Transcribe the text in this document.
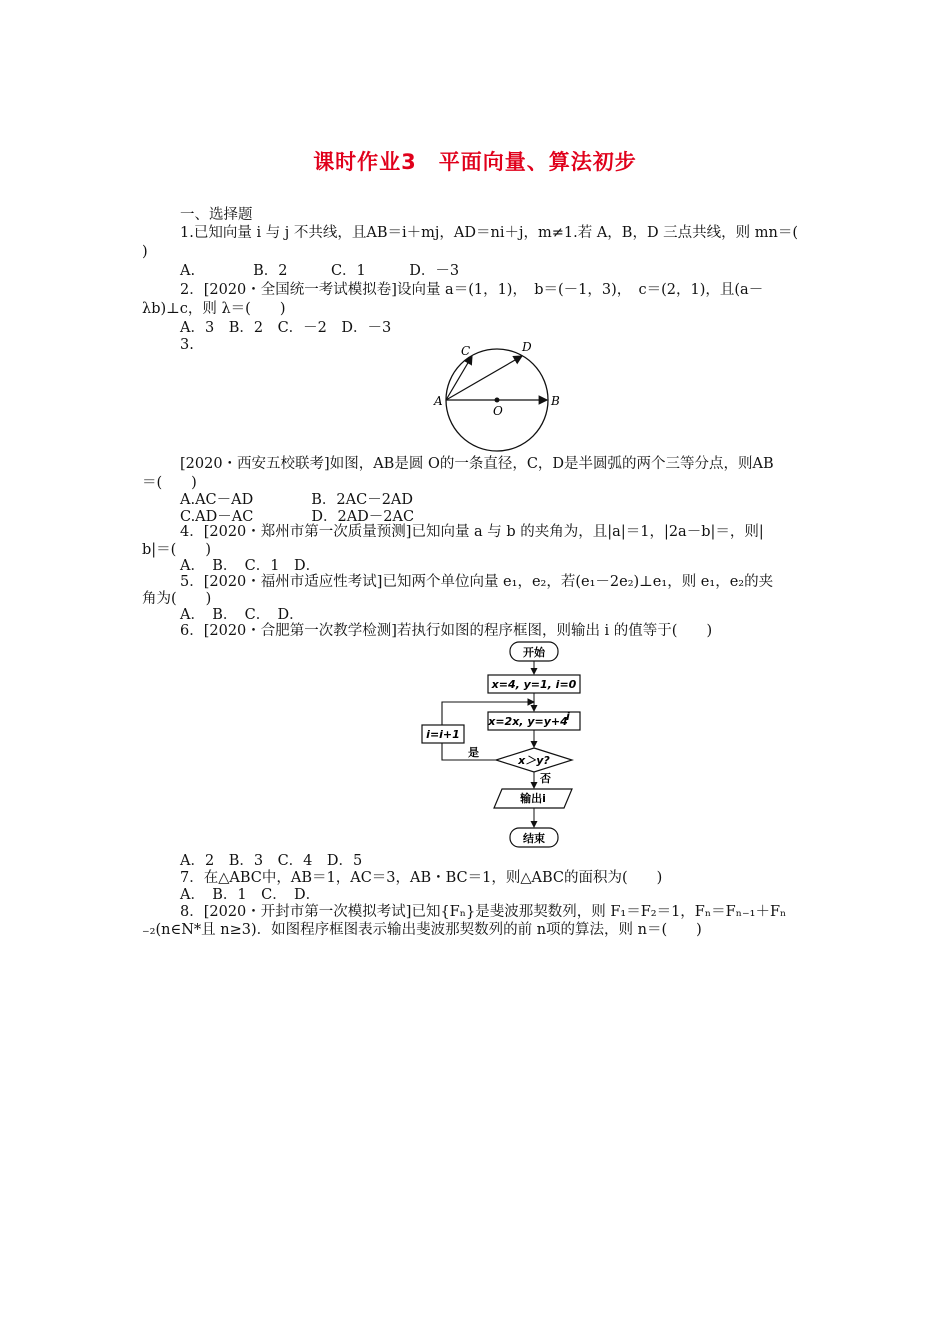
课时作业3　平面向量、算法初步
一、选择题
1.已知向量 i 与 j 不共线，且AB＝i＋mj，AD＝ni＋j，m≠1.若 A，B，D 三点共线，则 mn＝(
)
A.　　　　B．2　　　C．1　　　D．－3
2．[2020・全国统一考试模拟卷]设向量 a＝(1，1)，　b＝(－1，3)，　c＝(2，1)，且(a－
λb)⊥c，则 λ＝(　　)
A．3　B．2　C．－2　D．－3
3.
A	B
C	D
O
[2020・西安五校联考]如图，AB是圆 O的一条直径，C，D是半圆弧的两个三等分点，则AB
＝(　　)
A.AC－AD　　　　B．2AC－2AD
C.AD－AC　　　　D．2AD－2AC
4．[2020・郑州市第一次质量预测]已知向量 a 与 b 的夹角为，且|a|＝1，|2a－b|＝，则|
b|＝(　　)
A．　B．　C．1　D．
5．[2020・福州市适应性考试]已知两个单位向量 e₁，e₂，若(e₁－2e₂)⊥e₁，则 e₁，e₂的夹
角为(　　)
A．　B．　C．　D．
6．[2020・合肥第一次教学检测]若执行如图的程序框图，则输出 i 的值等于(　　)
开始
x=4, y=1, i=0
x=2x, y=y+4
i
x＞y?
是
i=i+1
否
输出i
结束
A．2　B．3　C．4　D．5
7．在△ABC中，AB＝1，AC＝3，AB・BC＝1，则△ABC的面积为(　　)
A．　B．1　C．　D．
8．[2020・开封市第一次模拟考试]已知{Fₙ}是斐波那契数列，则 F₁＝F₂＝1，Fₙ＝Fₙ₋₁＋Fₙ
₋₂(n∈N*且 n≥3)．如图程序框图表示输出斐波那契数列的前 n项的算法，则 n＝(　　)
